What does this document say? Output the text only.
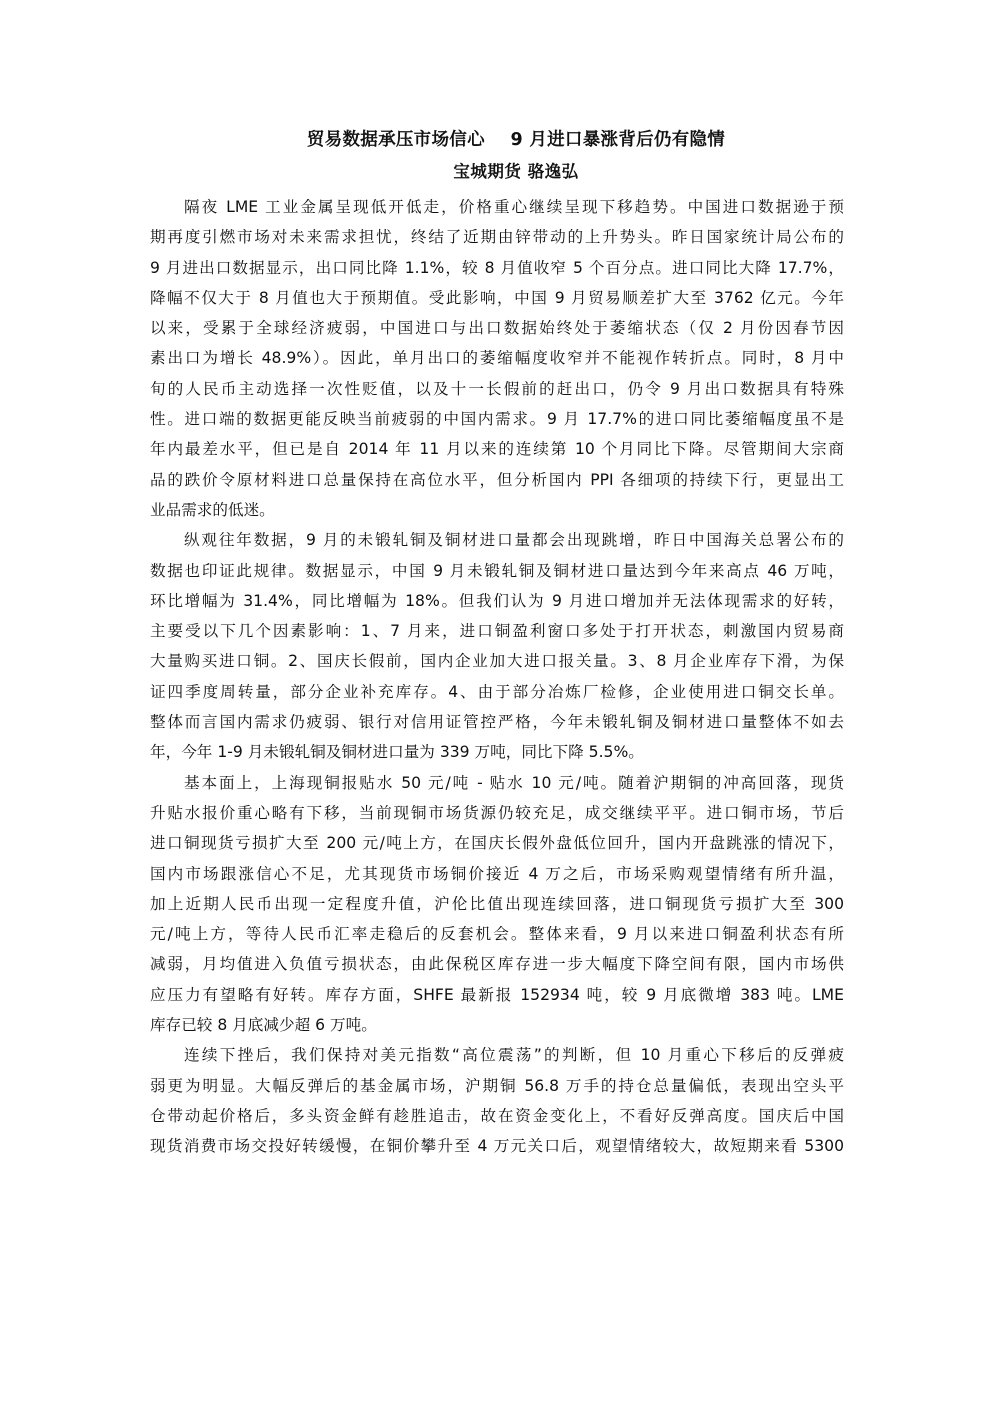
贸易数据承压市场信心    9 月进口暴涨背后仍有隐情
宝城期货 骆逸弘

隔夜 LME 工业金属呈现低开低走，价格重心继续呈现下移趋势。中国进口数据逊于预
期再度引燃市场对未来需求担忧，终结了近期由锌带动的上升势头。昨日国家统计局公布的
9 月进出口数据显示，出口同比降 1.1%，较 8 月值收窄 5 个百分点。进口同比大降 17.7%，
降幅不仅大于 8 月值也大于预期值。受此影响，中国 9 月贸易顺差扩大至 3762 亿元。今年
以来，受累于全球经济疲弱，中国进口与出口数据始终处于萎缩状态（仅 2 月份因春节因
素出口为增长 48.9%）。因此，单月出口的萎缩幅度收窄并不能视作转折点。同时，8 月中
旬的人民币主动选择一次性贬值，以及十一长假前的赶出口，仍令 9 月出口数据具有特殊
性。进口端的数据更能反映当前疲弱的中国内需求。9 月 17.7%的进口同比萎缩幅度虽不是
年内最差水平，但已是自 2014 年 11 月以来的连续第 10 个月同比下降。尽管期间大宗商
品的跌价令原材料进口总量保持在高位水平，但分析国内 PPI 各细项的持续下行，更显出工
业品需求的低迷。

纵观往年数据，9 月的未锻轧铜及铜材进口量都会出现跳增，昨日中国海关总署公布的
数据也印证此规律。数据显示，中国 9 月未锻轧铜及铜材进口量达到今年来高点 46 万吨，
环比增幅为 31.4%，同比增幅为 18%。但我们认为 9 月进口增加并无法体现需求的好转，
主要受以下几个因素影响：1、7 月来，进口铜盈利窗口多处于打开状态，刺激国内贸易商
大量购买进口铜。2、国庆长假前，国内企业加大进口报关量。3、8 月企业库存下滑，为保
证四季度周转量，部分企业补充库存。4、由于部分冶炼厂检修，企业使用进口铜交长单。
整体而言国内需求仍疲弱、银行对信用证管控严格，今年未锻轧铜及铜材进口量整体不如去
年，今年 1-9 月未锻轧铜及铜材进口量为 339 万吨，同比下降 5.5%。

基本面上，上海现铜报贴水 50 元/吨 - 贴水 10 元/吨。随着沪期铜的冲高回落，现货
升贴水报价重心略有下移，当前现铜市场货源仍较充足，成交继续平平。进口铜市场，节后
进口铜现货亏损扩大至 200 元/吨上方，在国庆长假外盘低位回升，国内开盘跳涨的情况下，
国内市场跟涨信心不足，尤其现货市场铜价接近 4 万之后，市场采购观望情绪有所升温，
加上近期人民币出现一定程度升值，沪伦比值出现连续回落，进口铜现货亏损扩大至 300
元/吨上方，等待人民币汇率走稳后的反套机会。整体来看，9 月以来进口铜盈利状态有所
减弱，月均值进入负值亏损状态，由此保税区库存进一步大幅度下降空间有限，国内市场供
应压力有望略有好转。库存方面，SHFE 最新报 152934 吨，较 9 月底微增 383 吨。LME
库存已较 8 月底减少超 6 万吨。

连续下挫后，我们保持对美元指数“高位震荡”的判断，但 10 月重心下移后的反弹疲
弱更为明显。大幅反弹后的基金属市场，沪期铜 56.8 万手的持仓总量偏低，表现出空头平
仓带动起价格后，多头资金鲜有趁胜追击，故在资金变化上，不看好反弹高度。国庆后中国
现货消费市场交投好转缓慢，在铜价攀升至 4 万元关口后，观望情绪较大，故短期来看 5300
